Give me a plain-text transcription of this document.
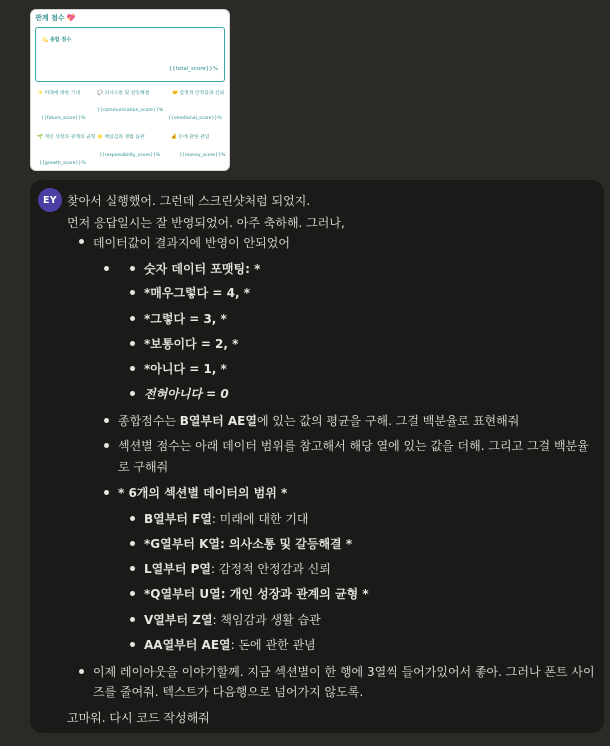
관계 점수 💖
💫 종합 점수
{{total_score}}%
✨ 미래에 대한 기대
{{future_score}}%
💬 의사소통 및 갈등해결
{{communication_score}}%
🤝 감정적 안정감과 신뢰
{{emotional_score}}%
🌱 개인 성장과 관계의 균형
{{growth_score}}%
⭐ 책임감과 생활 습관
{{responsibility_score}}%
💰 돈에 관한 관념
{{money_score}}%
EY 찾아서 실행했어. 그런데 스크린샷처럼 되었지.
먼저 응답일시는 잘 반영되었어. 아주 축하해. 그러나,
데이터값이 결과지에 반영이 안되었어
숫자 데이터 포맷팅: *
*매우그렇다 = 4, *
*그렇다 = 3, *
*보통이다 = 2, *
*아니다 = 1, *
전혀아니다 = 0
종합점수는 B열부터 AE열에 있는 값의 평균을 구해. 그걸 백분율로 표현해줘
섹션별 점수는 아래 데이터 범위를 참고해서 해당 열에 있는 값을 더해. 그리고 그걸 백분율
로 구해줘
* 6개의 섹션별 데이터의 범위 *
B열부터 F열: 미래에 대한 기대
*G열부터 K열: 의사소통 및 갈등해결 *
L열부터 P열: 감정적 안정감과 신뢰
*Q열부터 U열: 개인 성장과 관계의 균형 *
V열부터 Z열: 책임감과 생활 습관
AA열부터 AE열: 돈에 관한 관념
이제 레이아웃을 이야기할께. 지금 섹션별이 한 행에 3열씩 들어가있어서 좋아. 그러나 폰트 사이
즈를 줄여줘. 텍스트가 다음행으로 넘어가지 않도록.
고마워. 다시 코드 작성해줘
